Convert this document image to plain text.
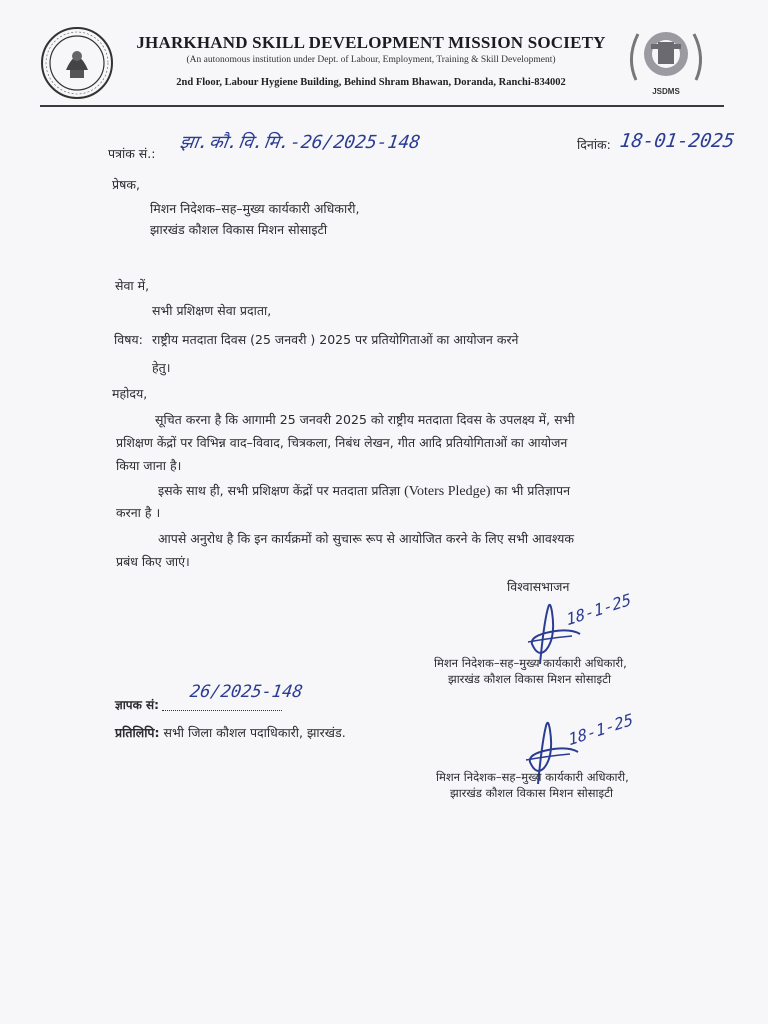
JHARKHAND SKILL DEVELOPMENT MISSION SOCIETY
(An autonomous institution under Dept. of Labour, Employment, Training & Skill Development)
2nd Floor, Labour Hygiene Building, Behind Shram Bhawan, Doranda, Ranchi-834002
JSDMS
पत्रांक सं.:
झा.कौ.वि.मि.-26/2025-148	दिनांक: 18-01-2025
प्रेषक,
मिशन निदेशक–सह–मुख्य कार्यकारी अधिकारी,
झारखंड कौशल विकास मिशन सोसाइटी
सेवा में,
सभी प्रशिक्षण सेवा प्रदाता,
विषय: राष्ट्रीय मतदाता दिवस (25 जनवरी ) 2025 पर प्रतियोगिताओं का आयोजन करने
हेतु।
महोदय,
सूचित करना है कि आगामी 25 जनवरी 2025 को राष्ट्रीय मतदाता दिवस के उपलक्ष्य में, सभी
प्रशिक्षण केंद्रों पर विभिन्न वाद–विवाद, चित्रकला, निबंध लेखन, गीत आदि प्रतियोगिताओं का आयोजन
किया जाना है।
इसके साथ ही, सभी प्रशिक्षण केंद्रों पर मतदाता प्रतिज्ञा (Voters Pledge) का भी प्रतिज्ञापन
करना है ।
आपसे अनुरोध है कि इन कार्यक्रमों को सुचारू रूप से आयोजित करने के लिए सभी आवश्यक
प्रबंध किए जाएं।
विश्वासभाजन
18-1-25
मिशन निदेशक–सह–मुख्य कार्यकारी अधिकारी,
झारखंड कौशल विकास मिशन सोसाइटी
ज्ञापक सं:
26/2025-148
प्रतिलिपि: सभी जिला कौशल पदाधिकारी, झारखंड.	18-1-25
मिशन निदेशक–सह–मुख्य कार्यकारी अधिकारी,
झारखंड कौशल विकास मिशन सोसाइटी
